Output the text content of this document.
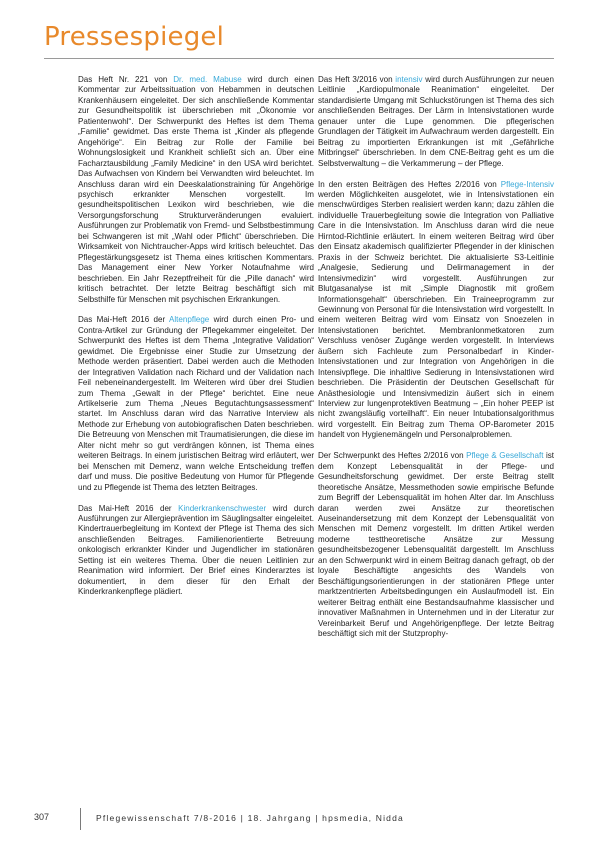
Pressespiegel

Das Heft Nr. 221 von Dr. med. Mabuse wird durch einen Kommentar zur Arbeitssituation von Hebammen in deutschen Krankenhäusern eingeleitet. Der sich anschließende Kommentar zur Gesundheitspolitik ist überschrieben mit „Ökonomie vor Patientenwohl“. Der Schwerpunkt des Heftes ist dem Thema „Familie“ gewidmet. Das erste Thema ist „Kinder als pflegende Angehörige“. Ein Beitrag zur Rolle der Familie bei Wohnungslosigkeit und Krankheit schließt sich an. Über eine Facharztausbildung „Family Medicine“ in den USA wird berichtet. Das Aufwachsen von Kindern bei Verwandten wird beleuchtet. Im Anschluss daran wird ein Deeskalationstraining für Angehörige psychisch erkrankter Menschen vorgestellt. Im gesundheitspolitischen Lexikon wird beschrieben, wie die Versorgungsforschung Strukturveränderungen evaluiert. Ausführungen zur Problematik von Fremd- und Selbstbestimmung bei Schwangeren ist mit „Wahl oder Pflicht“ überschrieben. Die Wirksamkeit von Nichtraucher-Apps wird kritisch beleuchtet. Das Pflegestärkungsgesetz ist Thema eines kritischen Kommentars. Das Management einer New Yorker Notaufnahme wird beschrieben. Ein Jahr Rezeptfreiheit für die „Pille danach“ wird kritisch betrachtet. Der letzte Beitrag beschäftigt sich mit Selbsthilfe für Menschen mit psychischen Erkrankungen.

Das Mai-Heft 2016 der Altenpflege wird durch einen Pro- und Contra-Artikel zur Gründung der Pflegekammer eingeleitet. Der Schwerpunkt des Heftes ist dem Thema „Integrative Validation“ gewidmet. Die Ergebnisse einer Studie zur Umsetzung der Methode werden präsentiert. Dabei werden auch die Methoden der Integrativen Validation nach Richard und der Validation nach Feil nebeneinandergestellt. Im Weiteren wird über drei Studien zum Thema „Gewalt in der Pflege“ berichtet. Eine neue Artikelserie zum Thema „Neues Begutachtungsassessment“ startet. Im Anschluss daran wird das Narrative Interview als Methode zur Erhebung von autobiografischen Daten beschrieben. Die Betreuung von Menschen mit Traumatisierungen, die diese im Alter nicht mehr so gut verdrängen können, ist Thema eines weiteren Beitrags. In einem juristischen Beitrag wird erläutert, wer bei Menschen mit Demenz, wann welche Entscheidung treffen darf und muss. Die positive Bedeutung von Humor für Pflegende und zu Pflegende ist Thema des letzten Beitrages.

Das Mai-Heft 2016 der Kinderkrankenschwester wird durch Ausführungen zur Allergieprävention im Säuglingsalter eingeleitet. Kindertrauerbegleitung im Kontext der Pflege ist Thema des sich anschließenden Beitrages. Familienorientierte Betreuung onkologisch erkrankter Kinder und Jugendlicher im stationären Setting ist ein weiteres Thema. Über die neuen Leitlinien zur Reanimation wird informiert. Der Brief eines Kinderarztes ist dokumentiert, in dem dieser für den Erhalt der Kinderkrankenpflege plädiert.

Das Heft 3/2016 von intensiv wird durch Ausführungen zur neuen Leitlinie „Kardiopulmonale Reanimation“ eingeleitet. Der standardisierte Umgang mit Schluckstörungen ist Thema des sich anschließenden Beitrages. Der Lärm in Intensivstationen wurde genauer unter die Lupe genommen. Die pflegerischen Grundlagen der Tätigkeit im Aufwachraum werden dargestellt. Ein Beitrag zu importierten Erkrankungen ist mit „Gefährliche Mitbringsel“ überschrieben. In dem CNE-Beitrag geht es um die Selbstverwaltung – die Verkammerung – der Pflege.

In den ersten Beiträgen des Heftes 2/2016 von Pflege-Intensiv werden Möglichkeiten ausgelotet, wie in Intensivstationen ein menschwürdiges Sterben realisiert werden kann; dazu zählen die individuelle Trauerbegleitung sowie die Integration von Palliative Care in die Intensivstation. Im Anschluss daran wird die neue Hirntod-Richtlinie erläutert. In einem weiteren Beitrag wird über den Einsatz akademisch qualifizierter Pflegender in der klinischen Praxis in der Schweiz berichtet. Die aktualisierte S3-Leitlinie „Analgesie, Sedierung und Delirmanagement in der Intensivmedizin“ wird vorgestellt. Ausführungen zur Blutgasanalyse ist mit „Simple Diagnostik mit großem Informationsgehalt“ überschrieben. Ein Traineeprogramm zur Gewinnung von Personal für die Intensivstation wird vorgestellt. In einem weiteren Beitrag wird vom Einsatz von Snoezelen in Intensivstationen berichtet. Membranlonmetkatoren zum Verschluss venöser Zugänge werden vorgestellt. In Interviews äußern sich Fachleute zum Personalbedarf in Kinder-Intensivstationen und zur Integration von Angehörigen in die Intensivpflege. Die inhaltlive Sedierung in Intensivstationen wird beschrieben. Die Präsidentin der Deutschen Gesellschaft für Anästhesiologie und Intensivmedizin äußert sich in einem Interview zur lungenprotektiven Beatmung – „Ein hoher PEEP ist nicht zwangsläufig vorteilhaft“. Ein neuer Intubationsalgorithmus wird vorgestellt. Ein Beitrag zum Thema OP-Barometer 2015 handelt von Hygienemängeln und Personalproblemen.

Der Schwerpunkt des Heftes 2/2016 von Pflege & Gesellschaft ist dem Konzept Lebensqualität in der Pflege- und Gesundheitsforschung gewidmet. Der erste Beitrag stellt theoretische Ansätze, Messmethoden sowie empirische Befunde zum Begriff der Lebensqualität im hohen Alter dar. Im Anschluss daran werden zwei Ansätze zur theoretischen Auseinandersetzung mit dem Konzept der Lebensqualität von Menschen mit Demenz vorgestellt. Im dritten Artikel werden moderne testtheoretische Ansätze zur Messung gesundheitsbezogener Lebensqualität dargestellt. Im Anschluss an den Schwerpunkt wird in einem Beitrag danach gefragt, ob der loyale Beschäftigte angesichts des Wandels von Beschäftigungsorientierungen in der stationären Pflege unter marktzentrierten Arbeitsbedingungen ein Auslaufmodell ist. Ein weiterer Beitrag enthält eine Bestandsaufnahme klassischer und innovativer Maßnahmen in Unternehmen und in der Literatur zur Vereinbarkeit Beruf und Angehörigenpflege. Der letzte Beitrag beschäftigt sich mit der Stutzprophy-

307	Pflegewissenschaft 7/8-2016 | 18. Jahrgang | hpsmedia, Nidda
